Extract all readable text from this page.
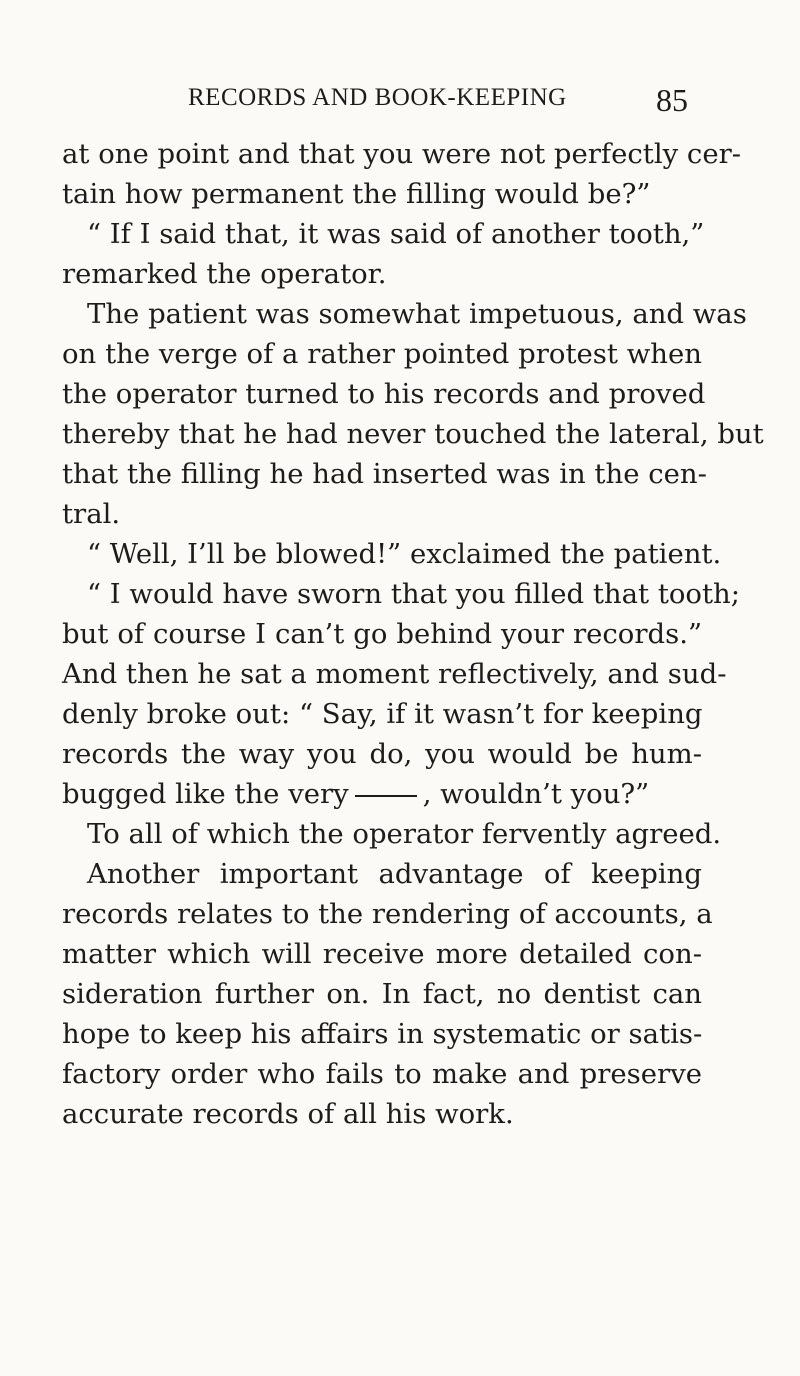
RECORDS AND BOOK-KEEPING	85
at one point and that you were not perfectly cer-
tain how permanent the filling would be?”
“ If I said that, it was said of another tooth,”
remarked the operator.
The patient was somewhat impetuous, and was
on the verge of a rather pointed protest when
the operator turned to his records and proved
thereby that he had never touched the lateral, but
that the filling he had inserted was in the cen-
tral.
“ Well, I’ll be blowed!” exclaimed the patient.
“ I would have sworn that you filled that tooth;
but of course I can’t go behind your records.”
And then he sat a moment reflectively, and sud-
denly broke out: “ Say, if it wasn’t for keeping
records the way you do, you would be hum-
bugged like the very	, wouldn’t you?”
To all of which the operator fervently agreed.
Another important advantage of keeping
records relates to the rendering of accounts, a
matter which will receive more detailed con-
sideration further on. In fact, no dentist can
hope to keep his affairs in systematic or satis-
factory order who fails to make and preserve
accurate records of all his work.
